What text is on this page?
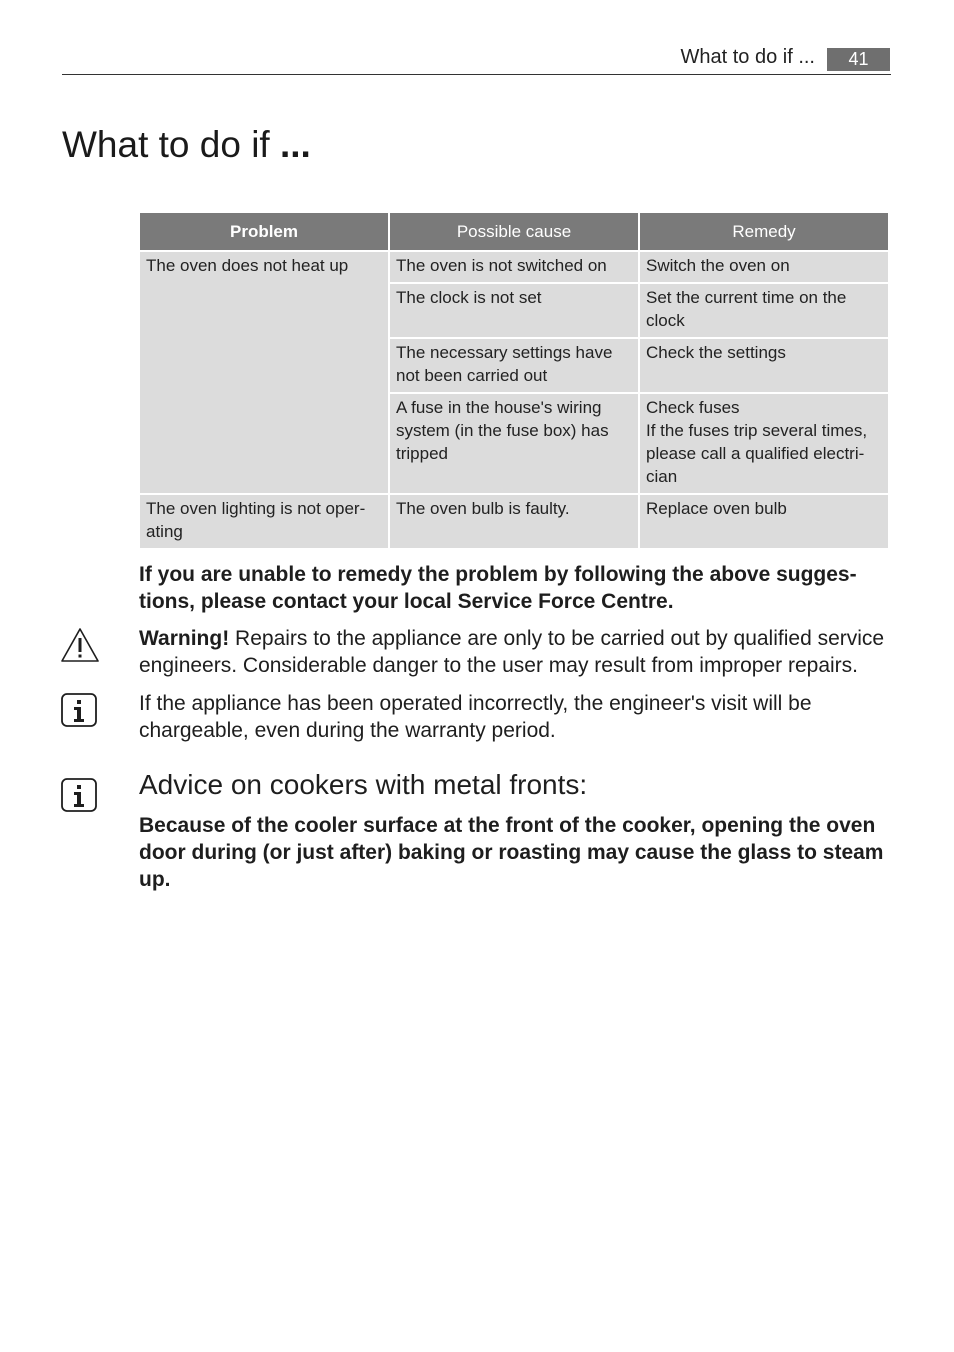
What to do if ...	41
What to do if ...
Problem	Possible cause	Remedy
The oven does not heat up	The oven is not switched on	Switch the oven on
	The clock is not set	Set the current time on the clock
	The necessary settings have not been carried out	Check the settings
	A fuse in the house's wiring system (in the fuse box) has tripped	Check fuses
If the fuses trip several times, please call a qualified electri-cian

The oven lighting is not oper-ating	The oven bulb is faulty.	Replace oven bulb

If you are unable to remedy the problem by following the above sugges-tions, please contact your local Service Force Centre.

Warning! Repairs to the appliance are only to be carried out by qualified service engineers. Considerable danger to the user may result from improper repairs.

If the appliance has been operated incorrectly, the engineer's visit will be chargeable, even during the warranty period.

Advice on cookers with metal fronts:

Because of the cooler surface at the front of the cooker, opening the oven door during (or just after) baking or roasting may cause the glass to steam up.
